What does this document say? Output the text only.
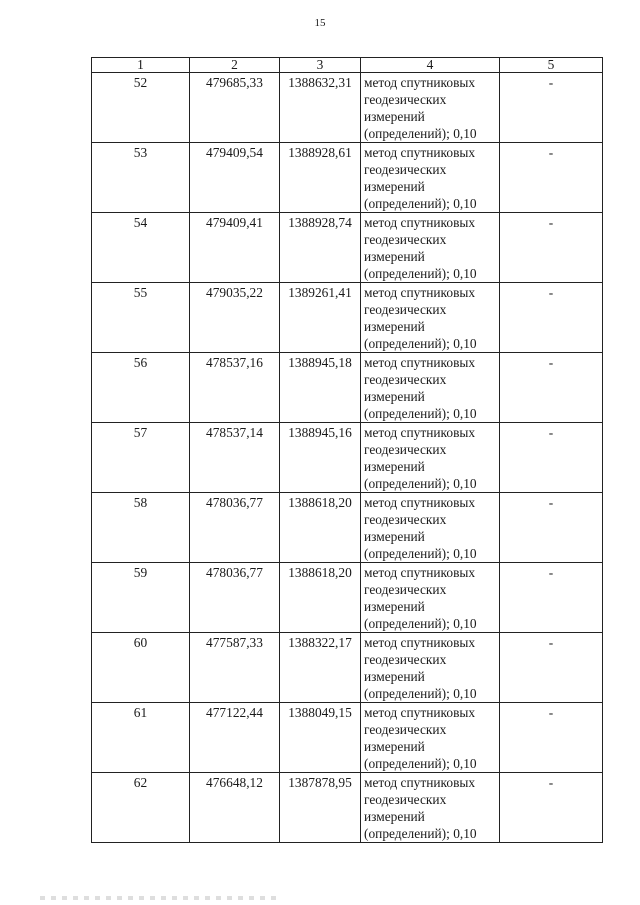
15
1	2	3	4	5
52	479685,33	1388632,31	метод спутниковых
геодезических
измерений
(определений); 0,10	-
53	479409,54	1388928,61	метод спутниковых
геодезических
измерений
(определений); 0,10	-
54	479409,41	1388928,74	метод спутниковых
геодезических
измерений
(определений); 0,10	-
55	479035,22	1389261,41	метод спутниковых
геодезических
измерений
(определений); 0,10	-
56	478537,16	1388945,18	метод спутниковых
геодезических
измерений
(определений); 0,10	-
57	478537,14	1388945,16	метод спутниковых
геодезических
измерений
(определений); 0,10	-
58	478036,77	1388618,20	метод спутниковых
геодезических
измерений
(определений); 0,10	-
59	478036,77	1388618,20	метод спутниковых
геодезических
измерений
(определений); 0,10	-
60	477587,33	1388322,17	метод спутниковых
геодезических
измерений
(определений); 0,10	-
61	477122,44	1388049,15	метод спутниковых
геодезических
измерений
(определений); 0,10	-
62	476648,12	1387878,95	метод спутниковых
геодезических
измерений
(определений); 0,10	-
